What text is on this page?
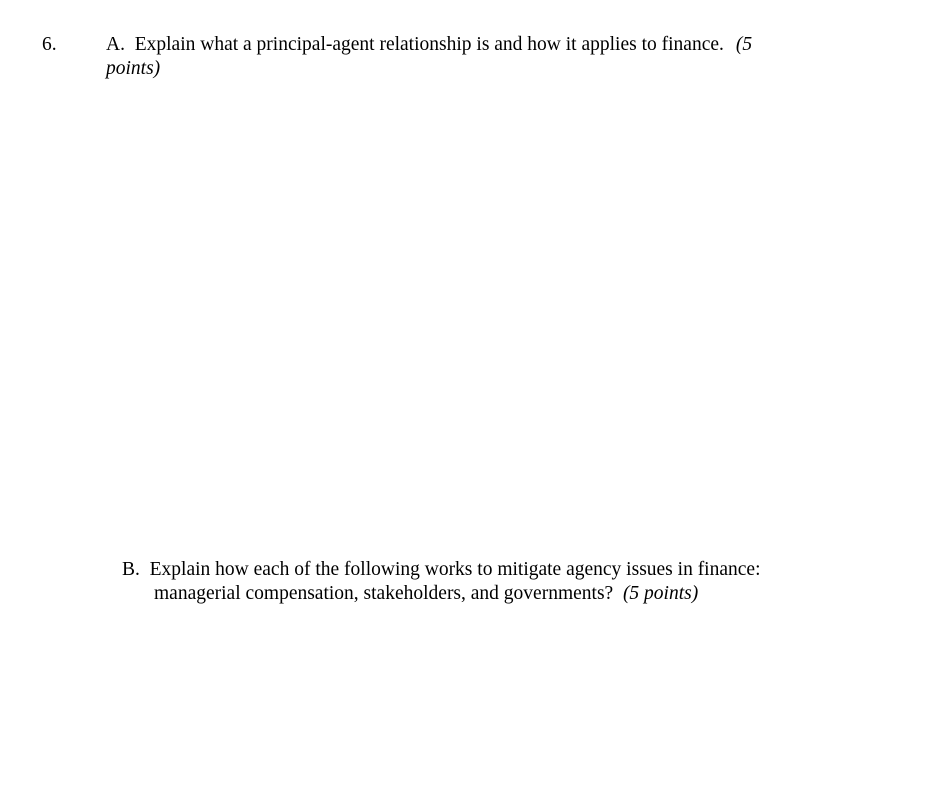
6.	A. Explain what a principal-agent relationship is and how it applies to finance. (5
points)
B. Explain how each of the following works to mitigate agency issues in finance:
managerial compensation, stakeholders, and governments? (5 points)
